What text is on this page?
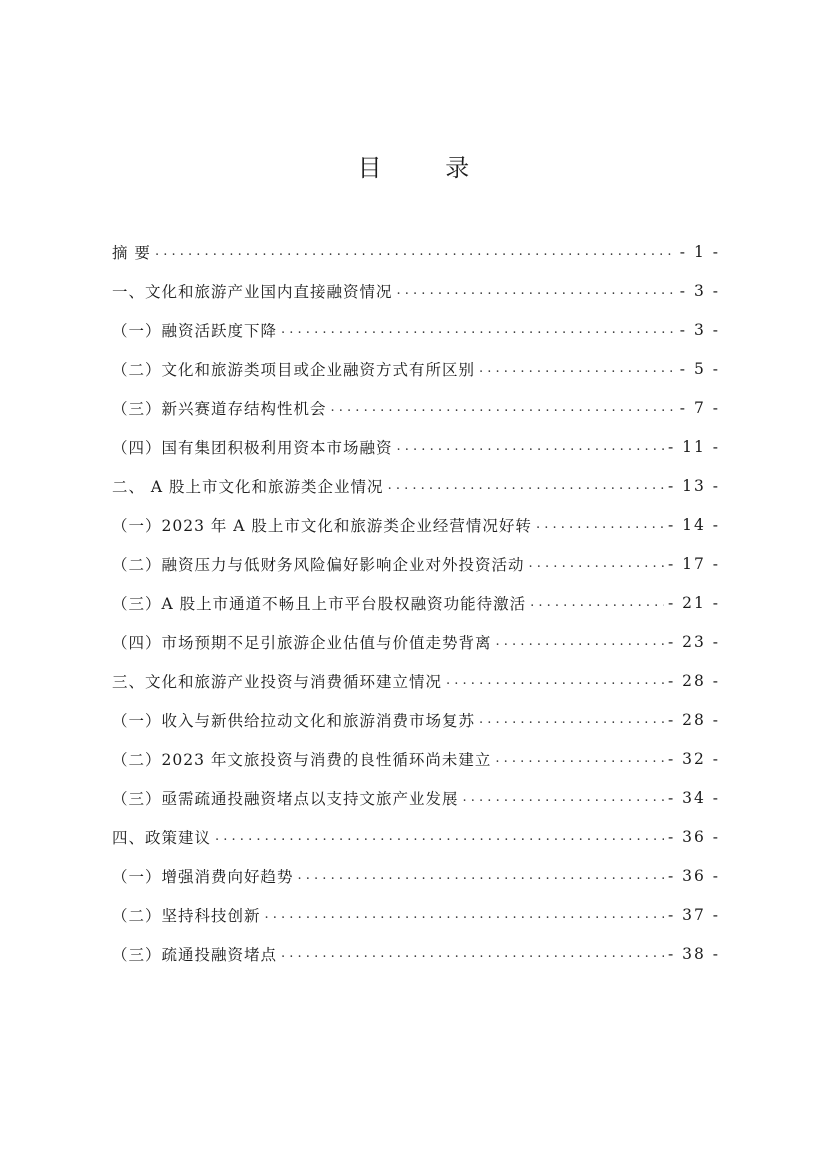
目 录
摘 要 . . .	- 1 -
一、文化和旅游产业国内直接融资情况 . . .	- 3 -
（一）融资活跃度下降 . . .	- 3 -
（二）文化和旅游类项目或企业融资方式有所区别 . . .	- 5 -
（三）新兴赛道存结构性机会 . . .	- 7 -
（四）国有集团积极利用资本市场融资 . . .	- 11 -
二、 A 股上市文化和旅游类企业情况 . . .	- 13 -
（一）2023 年 A 股上市文化和旅游类企业经营情况好转 . . .	- 14 -
（二）融资压力与低财务风险偏好影响企业对外投资活动 . . .	- 17 -
（三）A 股上市通道不畅且上市平台股权融资功能待激活 . . .	- 21 -
（四）市场预期不足引旅游企业估值与价值走势背离 . . .	- 23 -
三、文化和旅游产业投资与消费循环建立情况 . . .	- 28 -
（一）收入与新供给拉动文化和旅游消费市场复苏 . . .	- 28 -
（二）2023 年文旅投资与消费的良性循环尚未建立 . . .	- 32 -
（三）亟需疏通投融资堵点以支持文旅产业发展 . . .	- 34 -
四、政策建议 . . .	- 36 -
（一）增强消费向好趋势 . . .	- 36 -
（二）坚持科技创新 . . .	- 37 -
（三）疏通投融资堵点 . . .	- 38 -
